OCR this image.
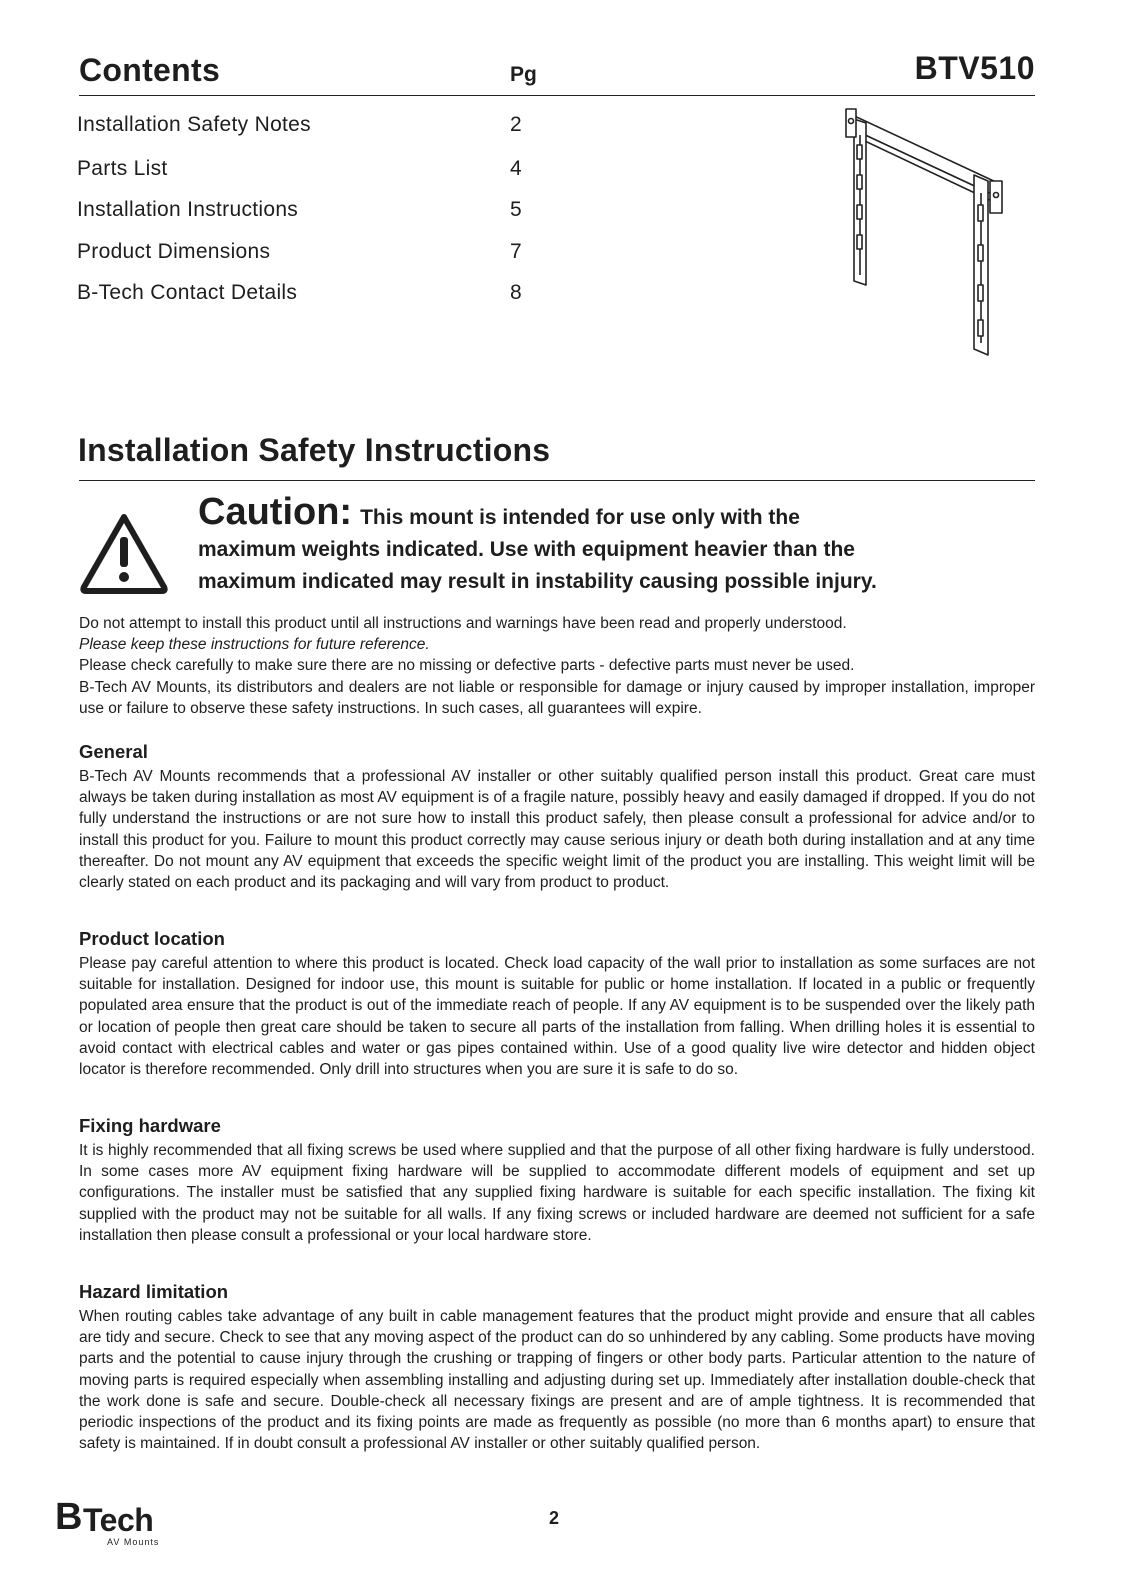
Contents	Pg	BTV510
Installation Safety Notes	2
Parts List	4
Installation Instructions	5
Product Dimensions	7
B-Tech Contact Details	8
Installation Safety Instructions
Caution: This mount is intended for use only with the
maximum weights indicated. Use with equipment heavier than the
maximum indicated may result in instability causing possible injury.

Do not attempt to install this product until all instructions and warnings have been read and properly understood.

Please keep these instructions for future reference.

Please check carefully to make sure there are no missing or defective parts - defective parts must never be used.

B-Tech AV Mounts, its distributors and dealers are not liable or responsible for damage or injury caused by improper installation, improper use or failure to observe these safety instructions. In such cases, all guarantees will expire.

General

B-Tech AV Mounts recommends that a professional AV installer or other suitably qualified person install this product. Great care must always be taken during installation as most AV equipment is of a fragile nature, possibly heavy and easily damaged if dropped. If you do not fully understand the instructions or are not sure how to install this product safely, then please consult a professional for advice and/or to install this product for you. Failure to mount this product correctly may cause serious injury or death both during installation and at any time thereafter. Do not mount any AV equipment that exceeds the specific weight limit of the product you are installing. This weight limit will be clearly stated on each product and its packaging and will vary from product to product.

Product location

Please pay careful attention to where this product is located. Check load capacity of the wall prior to installation as some surfaces are not suitable for installation. Designed for indoor use, this mount is suitable for public or home installation. If located in a public or frequently populated area ensure that the product is out of the immediate reach of people. If any AV equipment is to be suspended over the likely path or location of people then great care should be taken to secure all parts of the installation from falling. When drilling holes it is essential to avoid contact with electrical cables and water or gas pipes contained within. Use of a good quality live wire detector and hidden object locator is therefore recommended. Only drill into structures when you are sure it is safe to do so.

Fixing hardware

It is highly recommended that all fixing screws be used where supplied and that the purpose of all other fixing hardware is fully understood. In some cases more AV equipment fixing hardware will be supplied to accommodate different models of equipment and set up configurations. The installer must be satisfied that any supplied fixing hardware is suitable for each specific installation. The fixing kit supplied with the product may not be suitable for all walls. If any fixing screws or included hardware are deemed not sufficient for a safe installation then please consult a professional or your local hardware store.

Hazard limitation

When routing cables take advantage of any built in cable management features that the product might provide and ensure that all cables are tidy and secure. Check to see that any moving aspect of the product can do so unhindered by any cabling. Some products have moving parts and the potential to cause injury through the crushing or trapping of fingers or other body parts. Particular attention to the nature of moving parts is required especially when assembling installing and adjusting during set up. Immediately after installation double-check that the work done is safe and secure. Double-check all necessary fixings are present and are of ample tightness. It is recommended that periodic inspections of the product and its fixing points are made as frequently as possible (no more than 6 months apart) to ensure that safety is maintained. If in doubt consult a professional AV installer or other suitably qualified person.

B Tech
AV Mounts
2
